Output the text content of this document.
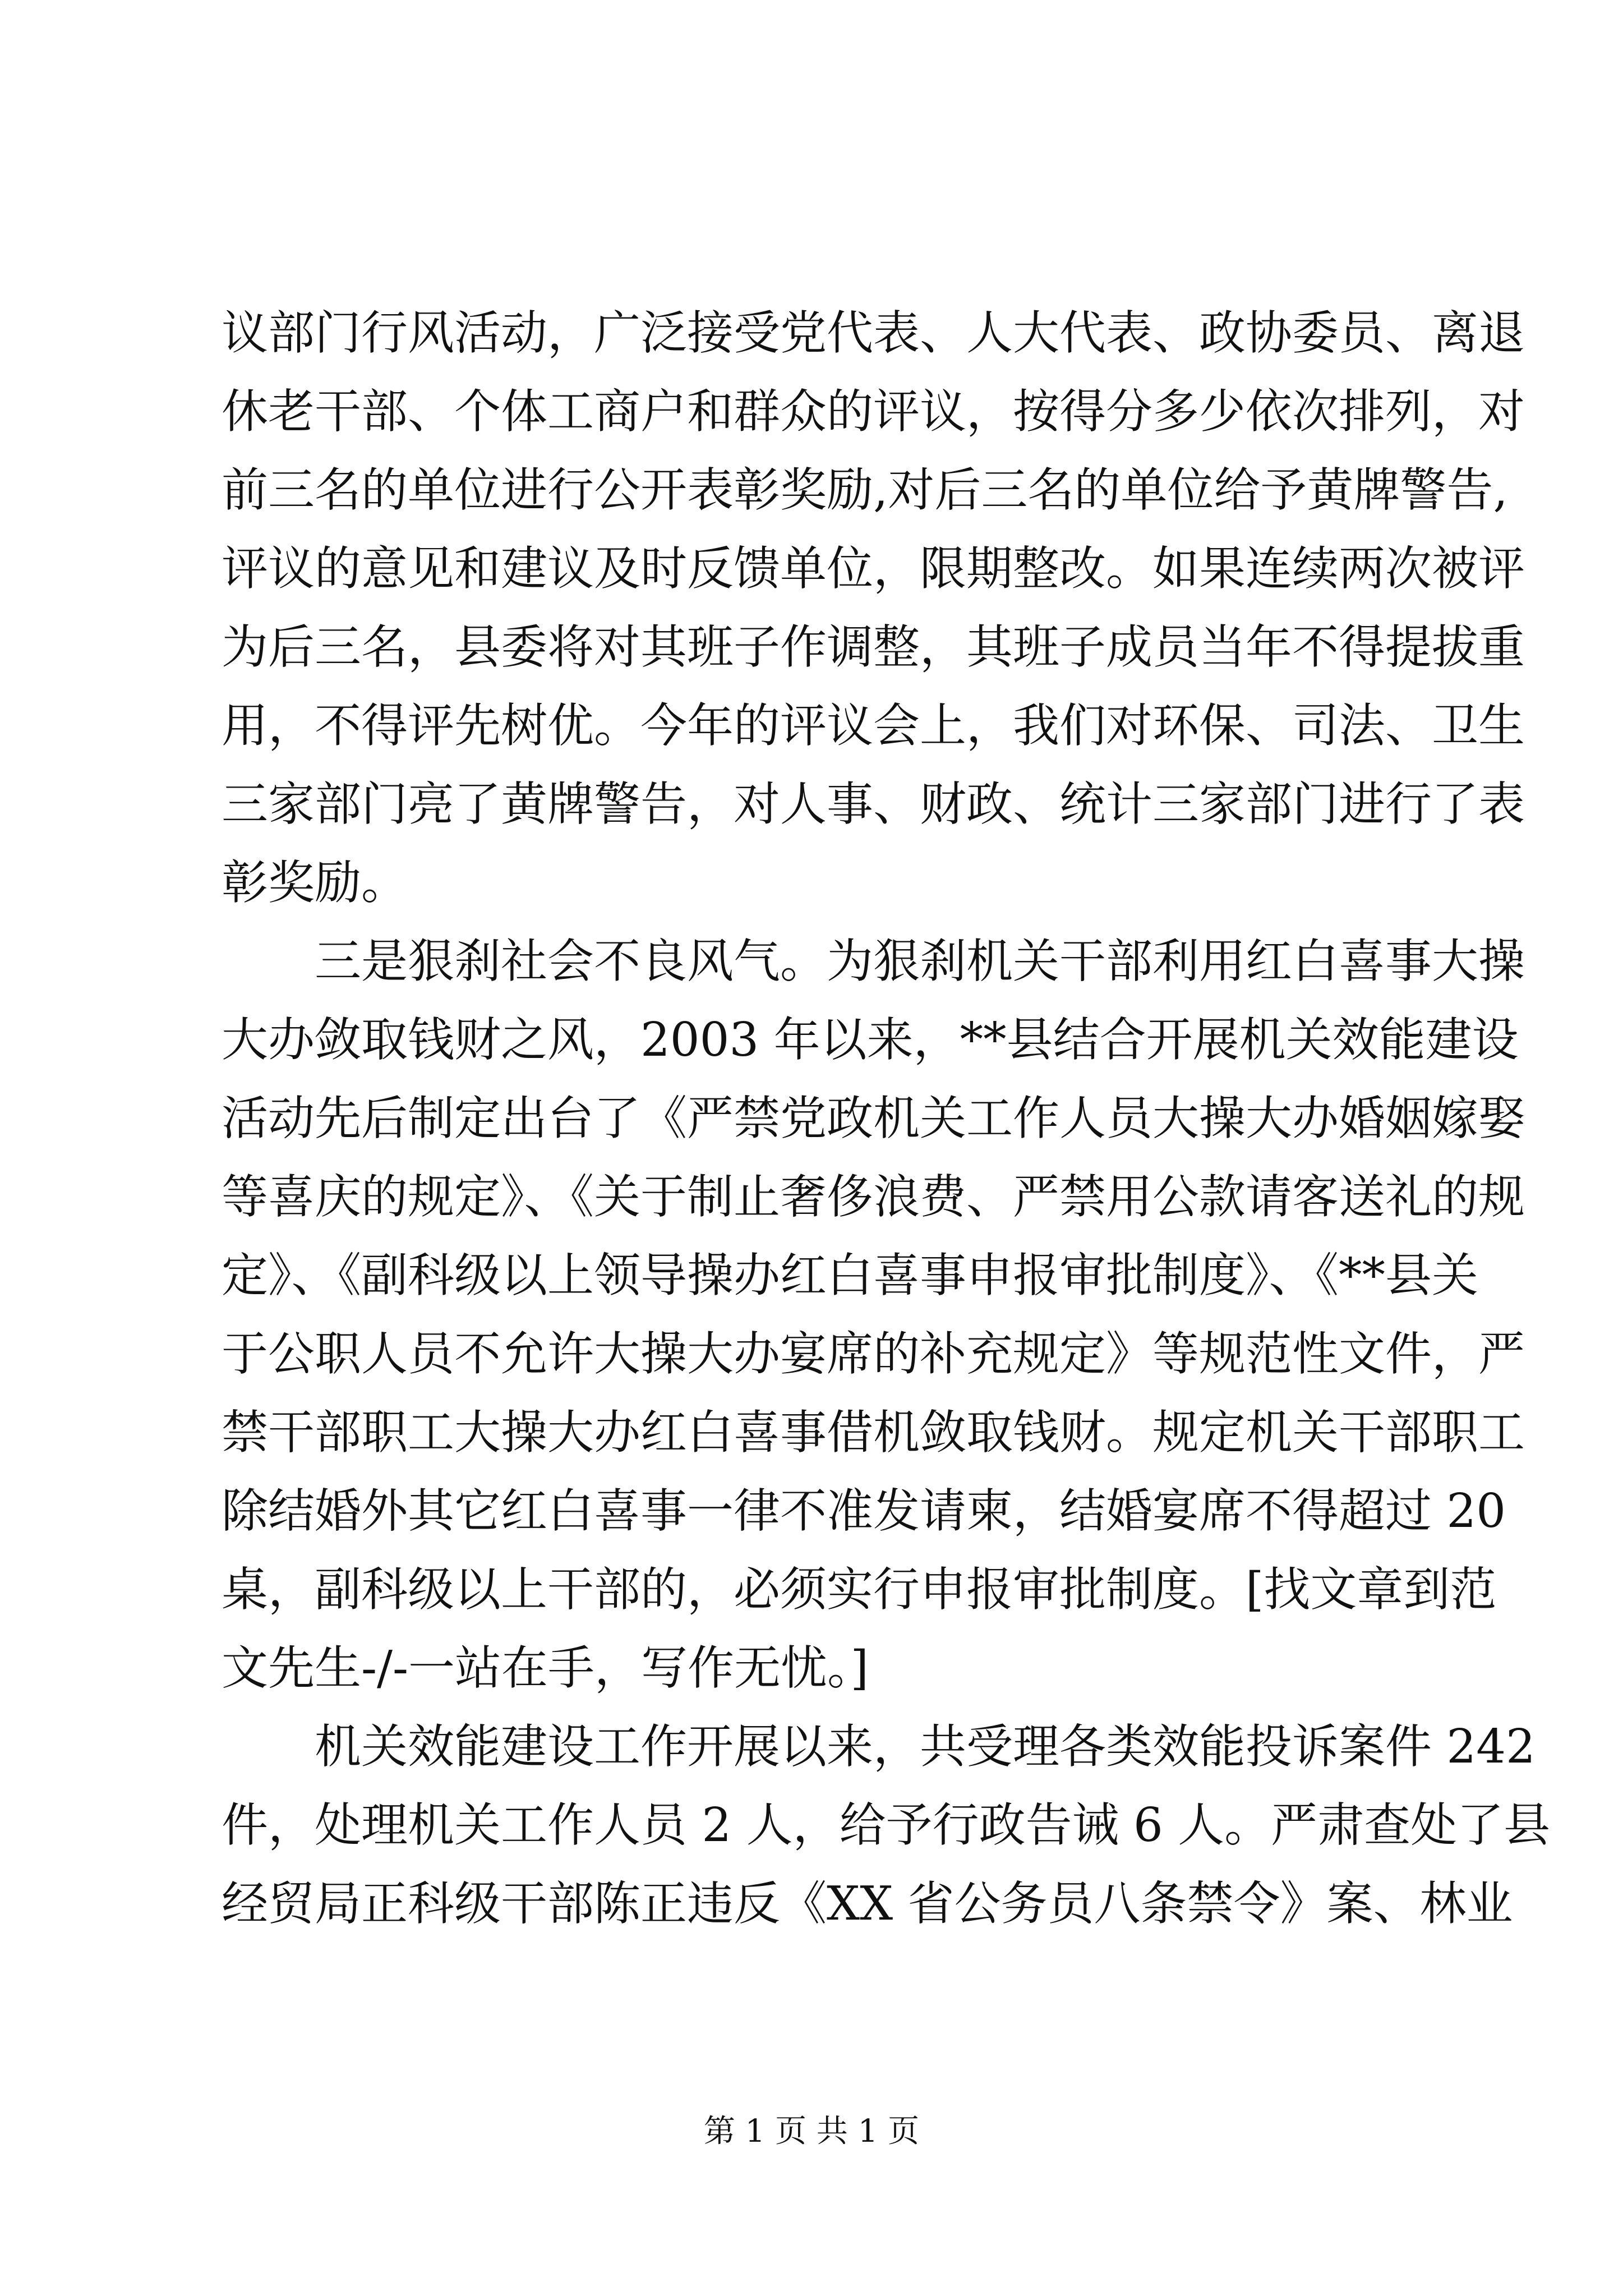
议部门行风活动，广泛接受党代表、人大代表、政协委员、离退
休老干部、个体工商户和群众的评议，按得分多少依次排列，对
前三名的单位进行公开表彰奖励,对后三名的单位给予黄牌警告,
评议的意见和建议及时反馈单位，限期整改。如果连续两次被评
为后三名，县委将对其班子作调整，其班子成员当年不得提拔重
用，不得评先树优。今年的评议会上，我们对环保、司法、卫生
三家部门亮了黄牌警告，对人事、财政、统计三家部门进行了表
彰奖励。
三是狠刹社会不良风气。为狠刹机关干部利用红白喜事大操
大办敛取钱财之风，2003 年以来，**县结合开展机关效能建设
活动先后制定出台了《严禁党政机关工作人员大操大办婚姻嫁娶
等喜庆的规定》、《关于制止奢侈浪费、严禁用公款请客送礼的规
定》、《副科级以上领导操办红白喜事申报审批制度》、《**县关
于公职人员不允许大操大办宴席的补充规定》等规范性文件，严
禁干部职工大操大办红白喜事借机敛取钱财。规定机关干部职工
除结婚外其它红白喜事一律不准发请柬，结婚宴席不得超过 20
桌，副科级以上干部的，必须实行申报审批制度。[找文章到范
文先生-/-一站在手，写作无忧。]
机关效能建设工作开展以来，共受理各类效能投诉案件 242
件，处理机关工作人员 2 人，给予行政告诫 6 人。严肃查处了县
经贸局正科级干部陈正违反《XX 省公务员八条禁令》案、林业
第 1 页 共 1 页
